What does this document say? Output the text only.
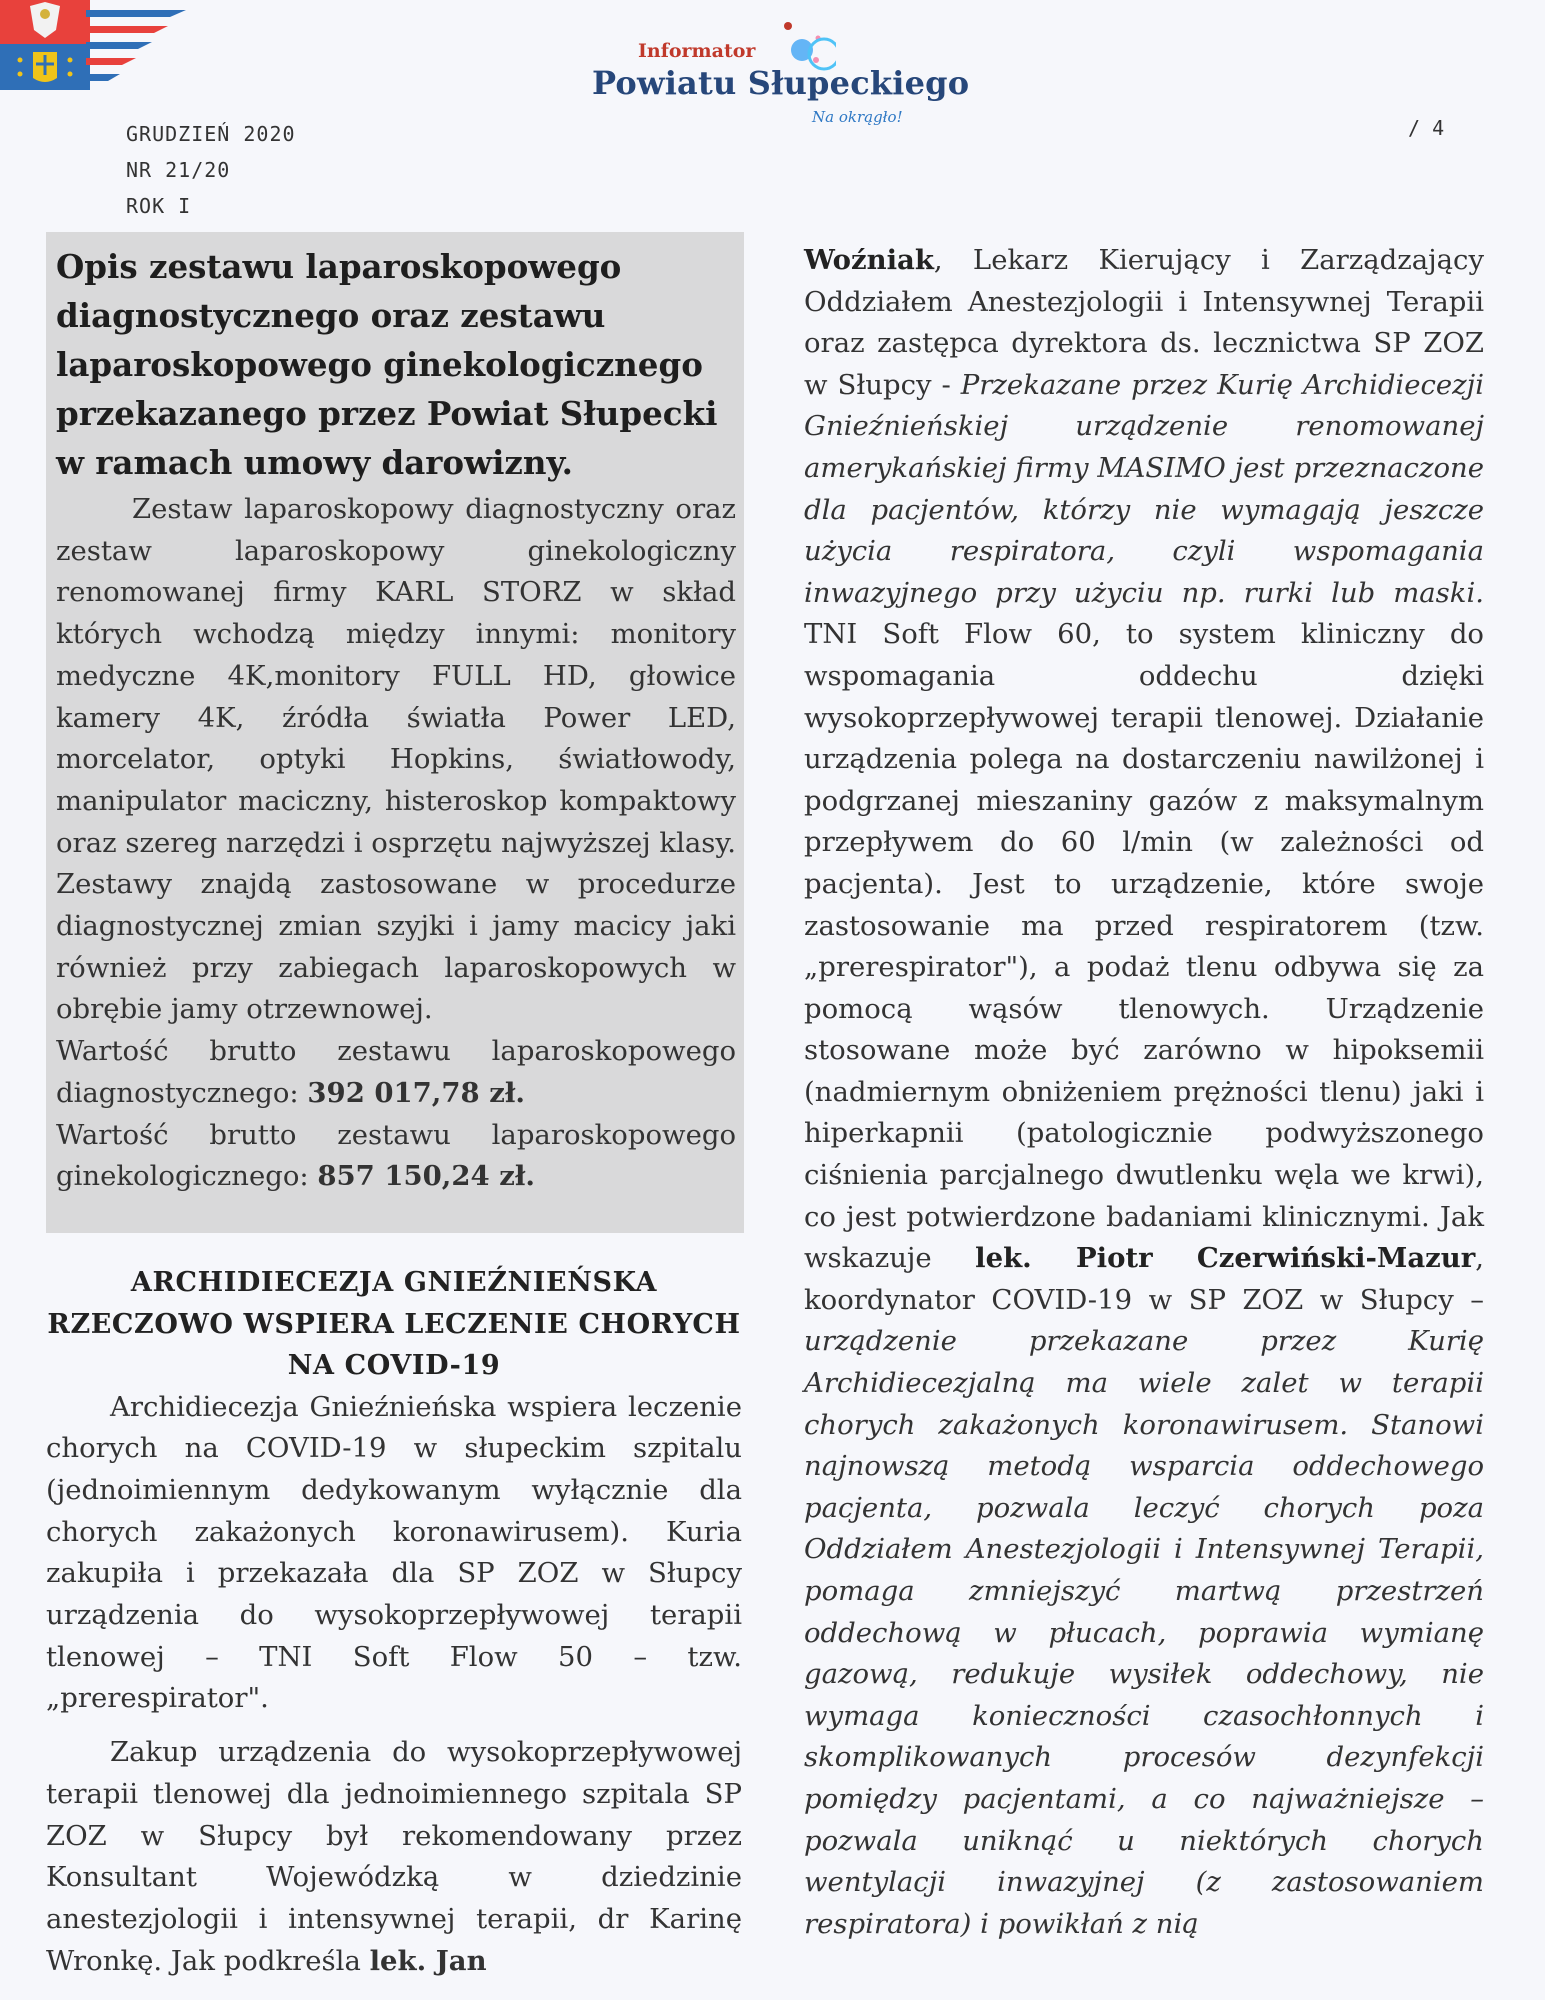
Informator
Powiatu Słupeckiego
Na okrągło!
GRUDZIEŃ 2020
NR 21/20
ROK I
/ 4

Opis zestawu laparoskopowego diagnostycznego oraz zestawu laparoskopowego ginekologicznego przekazanego przez Powiat Słupecki w ramach umowy darowizny.

Zestaw laparoskopowy diagnostyczny oraz zestaw laparoskopowy ginekologiczny renomowanej firmy KARL STORZ w skład których wchodzą między innymi: monitory medyczne 4K,monitory FULL HD, głowice kamery 4K, źródła światła Power LED, morcelator, optyki Hopkins, światłowody, manipulator maciczny, histeroskop kompaktowy oraz szereg narzędzi i osprzętu najwyższej klasy. Zestawy znajdą zastosowane w procedurze diagnostycznej zmian szyjki i jamy macicy jaki również przy zabiegach laparoskopowych w obrębie jamy otrzewnowej.

Wartość brutto zestawu laparoskopowego diagnostycznego: 392 017,78 zł.

Wartość brutto zestawu laparoskopowego ginekologicznego: 857 150,24 zł.

ARCHIDIECEZJA GNIEŹNIEŃSKA RZECZOWO WSPIERA LECZENIE CHORYCH NA COVID-19

Archidiecezja Gnieźnieńska wspiera leczenie chorych na COVID-19 w słupeckim szpitalu (jednoimiennym dedykowanym wyłącznie dla chorych zakażonych koronawirusem). Kuria zakupiła i przekazała dla SP ZOZ w Słupcy urządzenia do wysokoprzepływowej terapii tlenowej – TNI Soft Flow 50 – tzw. „prerespirator".

Zakup urządzenia do wysokoprzepływowej terapii tlenowej dla jednoimiennego szpitala SP ZOZ w Słupcy był rekomendowany przez Konsultant Wojewódzką w dziedzinie anestezjologii i intensywnej terapii, dr Karinę Wronkę. Jak podkreśla lek. Jan

Woźniak, Lekarz Kierujący i Zarządzający Oddziałem Anestezjologii i Intensywnej Terapii oraz zastępca dyrektora ds. lecznictwa SP ZOZ w Słupcy - Przekazane przez Kurię Archidiecezji Gnieźnieńskiej urządzenie renomowanej amerykańskiej firmy MASIMO jest przeznaczone dla pacjentów, którzy nie wymagają jeszcze użycia respiratora, czyli wspomagania inwazyjnego przy użyciu np. rurki lub maski. TNI Soft Flow 60, to system kliniczny do wspomagania oddechu dzięki wysokoprzepływowej terapii tlenowej. Działanie urządzenia polega na dostarczeniu nawilżonej i podgrzanej mieszaniny gazów z maksymalnym przepływem do 60 l/min (w zależności od pacjenta). Jest to urządzenie, które swoje zastosowanie ma przed respiratorem (tzw. „prerespirator"), a podaż tlenu odbywa się za pomocą wąsów tlenowych. Urządzenie stosowane może być zarówno w hipoksemii (nadmiernym obniżeniem prężności tlenu) jaki i hiperkapnii (patologicznie podwyższonego ciśnienia parcjalnego dwutlenku węla we krwi), co jest potwierdzone badaniami klinicznymi. Jak wskazuje lek. Piotr Czerwiński-Mazur, koordynator COVID-19 w SP ZOZ w Słupcy – urządzenie przekazane przez Kurię Archidiecezjalną ma wiele zalet w terapii chorych zakażonych koronawirusem. Stanowi najnowszą metodą wsparcia oddechowego pacjenta, pozwala leczyć chorych poza Oddziałem Anestezjologii i Intensywnej Terapii, pomaga zmniejszyć martwą przestrzeń oddechową w płucach, poprawia wymianę gazową, redukuje wysiłek oddechowy, nie wymaga konieczności czasochłonnych i skomplikowanych procesów dezynfekcji pomiędzy pacjentami, a co najważniejsze – pozwala uniknąć u niektórych chorych wentylacji inwazyjnej (z zastosowaniem respiratora) i powikłań z nią
